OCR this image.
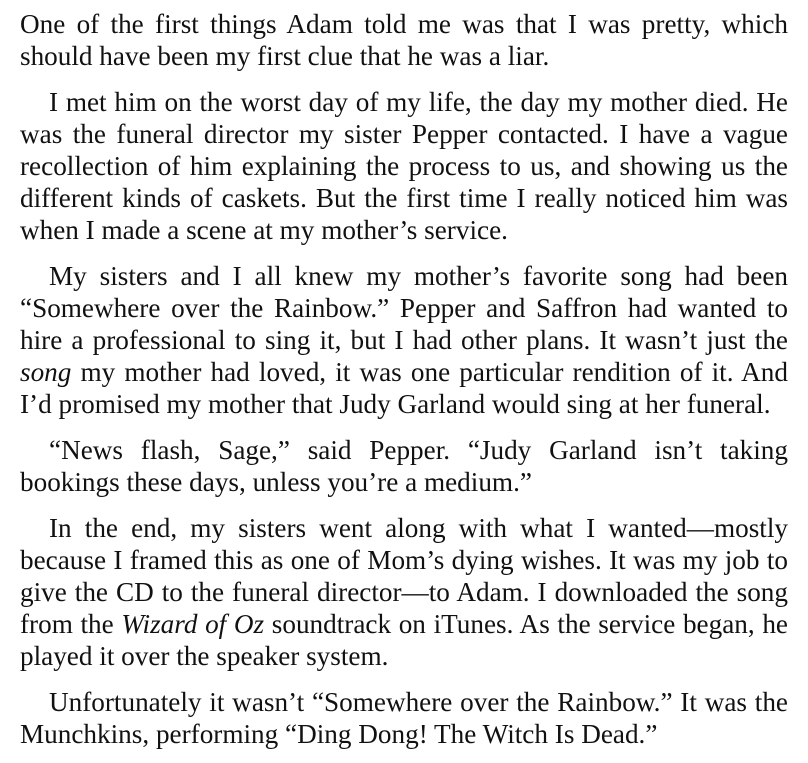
One of the first things Adam told me was that I was pretty, which should have been my first clue that he was a liar.

I met him on the worst day of my life, the day my mother died. He was the funeral director my sister Pepper contacted. I have a vague recollection of him explaining the process to us, and showing us the different kinds of caskets. But the first time I really noticed him was when I made a scene at my mother’s service.

My sisters and I all knew my mother’s favorite song had been “Somewhere over the Rainbow.” Pepper and Saffron had wanted to hire a professional to sing it, but I had other plans. It wasn’t just the song my mother had loved, it was one particular rendition of it. And I’d promised my mother that Judy Garland would sing at her funeral.

“News flash, Sage,” said Pepper. “Judy Garland isn’t taking bookings these days, unless you’re a medium.”

In the end, my sisters went along with what I wanted—mostly because I framed this as one of Mom’s dying wishes. It was my job to give the CD to the funeral director—to Adam. I downloaded the song from the Wizard of Oz soundtrack on iTunes. As the service began, he played it over the speaker system.

Unfortunately it wasn’t “Somewhere over the Rainbow.” It was the Munchkins, performing “Ding Dong! The Witch Is Dead.”
